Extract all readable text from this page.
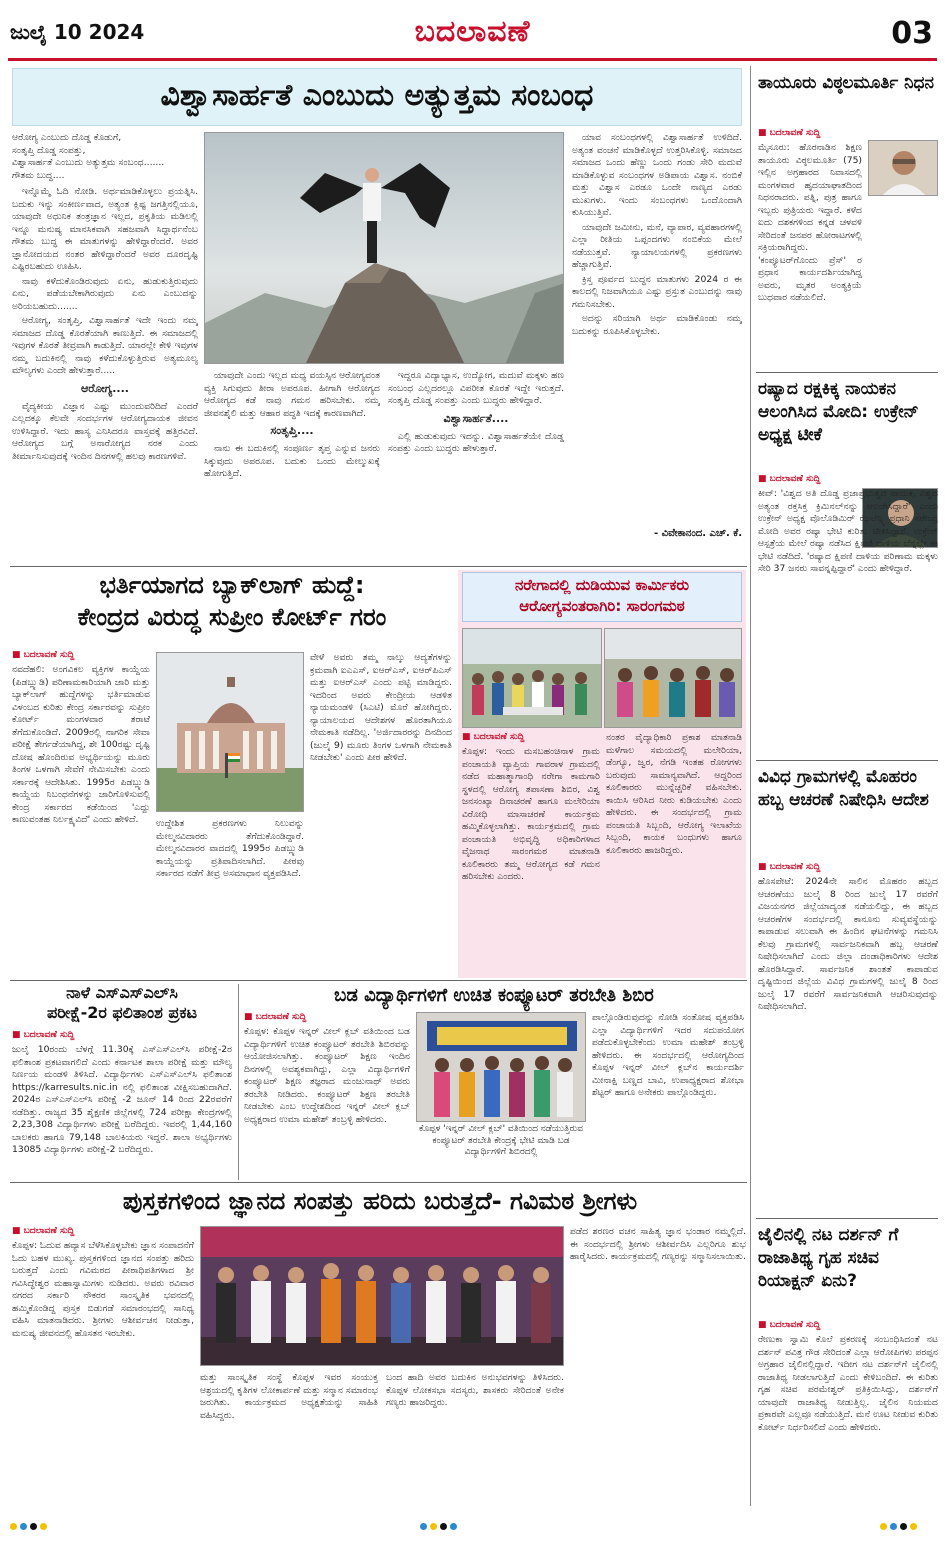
ಜುಲೈ 10 2024	ಬದಲಾವಣೆ	03
ವಿಶ್ವಾಸಾರ್ಹತೆ ಎಂಬುದು ಅತ್ಯುತ್ತಮ ಸಂಬಂಧ
ಆರೋಗ್ಯ ಎಂಬುದು ದೊಡ್ಡ ಕೊಡುಗೆ,
ಸಂತೃಪ್ತಿ ದೊಡ್ಡ ಸಂಪತ್ತು,
ವಿಶ್ವಾಸಾರ್ಹತೆ ಎಂಬುದು ಅತ್ಯುತ್ತಮ ಸಂಬಂಧ.......
ಗೌತಮ ಬುದ್ಧ....

ಇನ್ನೊಮ್ಮೆ ಓದಿ ನೋಡಿ. ಅರ್ಥಮಾಡಿಕೊಳ್ಳಲು ಪ್ರಯತ್ನಿಸಿ. ಬದುಕು ಇನ್ನು ಸಂಕೀರ್ಣವಾದ, ಅತ್ಯಂತ ಕ್ಲಿಷ್ಟ ಜಗತ್ತಿನಲ್ಲಿಯೂ, ಯಾವುದೇ ಅಧುನಿಕ ತಂತ್ರಜ್ಞಾನ ಇಲ್ಲದ, ಪ್ರಕೃತಿಯ ಮಡಿಲಲ್ಲಿ ಇನ್ನೂ ಮನುಷ್ಯ ಮಾನಸಿಕವಾಗಿ ಸಹಜವಾಗಿ ಸಿದ್ದಾರ್ಥನೆಂಬ ಗೌತಮ ಬುದ್ಧ ಈ ಮಾತುಗಳನ್ನು ಹೇಳಿದ್ದಾರೆಂದರೆ. ಅವರ ಜ್ಞಾನೋದಯದ ನಂತರ ಹೇಳಿದ್ದಾರೆಂದರೆ ಅವರ ದೂರದೃಷ್ಟಿ ಎಷ್ಟಿರಬಹುದು ಊಹಿಸಿ.

ನಾವು ಕಳೆದುಕೊಂಡಿರುವುದು ಏನು, ಹುಡುಕುತ್ತಿರುವುದು ಏನು, ಪಡೆಯಬೇಕಾಗಿರುವುದು ಏನು ಎಂಬುದನ್ನು ಅರಿಯಬಹುದು.......

ಆರೋಗ್ಯ, ಸಂತೃಪ್ತಿ, ವಿಶ್ವಾಸಾರ್ಹತೆ ಇದೇ ಇಂದು ನಮ್ಮ ಸಮಾಜದ ದೊಡ್ಡ ಕೊರತೆಯಾಗಿ ಕಾಣುತ್ತಿದೆ. ಈ ಸಮಾಜದಲ್ಲಿ ಇವುಗಳ ಕೊರತೆ ತೀವ್ರವಾಗಿ ಕಾಡುತ್ತಿದೆ. ಯಾರಲ್ಲೇ ಕೇಳಿ ಇವುಗಳ ನಮ್ಮ ಬದುಕಿನಲ್ಲಿ ನಾವು ಕಳೆದುಕೊಳ್ಳುತ್ತಿರುವ ಅತ್ಯಮೂಲ್ಯ ಮೌಲ್ಯಗಳು ಎಂದೇ ಹೇಳುತ್ತಾರೆ.....

ಆರೋಗ್ಯ....

ವೈದ್ಯಕೀಯ ವಿಜ್ಞಾನ ಎಷ್ಟು ಮುಂದುವರಿದಿದೆ ಎಂದರೆ ಎಲ್ಲದಕ್ಕೂ ಕೆಲವೇ ಸಂದರ್ಭಗಳ ಆರೋಗ್ಯದಾಯಕ ಜೀವನ ಉಳಿಸಿದ್ದಾರೆ. ಇದು ಹಾಸ್ಯ ಎನಿಸಿದರೂ ವಾಸ್ತವಕ್ಕೆ ಹತ್ತಿರವಿದೆ. ಆರೋಗ್ಯದ ಬಗ್ಗೆ ಅನಾರೋಗ್ಯದ ನರಕ ಎಂದು ತೀರ್ಮಾನಿಸುವುದಕ್ಕೆ ಇಂದಿನ ದಿನಗಳಲ್ಲಿ ಹಲವು ಕಾರಣಗಳಿವೆ.

ಯಾವುದೇ ಎಂದು ಇಲ್ಲದ ಮಧ್ಯ ವಯಸ್ಸಿನ ಆರೋಗ್ಯವಂತ ವ್ಯಕ್ತಿ ಸಿಗುವುದು ತೀರಾ ಅಪರೂಪ. ಹೀಗಾಗಿ ಆರೋಗ್ಯದ ಆರೋಗ್ಯದ ಕಡೆ ನಾವು ಗಮನ ಹರಿಸಬೇಕು. ನಮ್ಮ ಜೀವನಶೈಲಿ ಮತ್ತು ಆಹಾರ ಪದ್ಧತಿ ಇದಕ್ಕೆ ಕಾರಣವಾಗಿದೆ.

ಸಂತೃಪ್ತಿ....

ನಾನು ಈ ಬದುಕಿನಲ್ಲಿ ಸಂಪೂರ್ಣ ತೃಪ್ತ ಎನ್ನುವ ಜನರು ಸಿಕ್ಕುವುದು ಅಪರೂಪ. ಬದುಕು ಒಂದು ಮೇಲ್ಮುಖಕ್ಕೆ ಹೋಗುತ್ತಿದೆ.

ಇದ್ದರೂ ವಿದ್ಯಾಭ್ಯಾಸ, ಉದ್ಯೋಗ, ಮದುವೆ ಮಕ್ಕಳು ಹಣ ಸಂಬಂಧ ಎಲ್ಲದರಲ್ಲೂ ವಿಪರೀತ ಕೊರತೆ ಇದ್ದೇ ಇರುತ್ತದೆ. ಸಂತೃಪ್ತಿ ದೊಡ್ಡ ಸಂಪತ್ತು ಎಂದು ಬುದ್ಧರು ಹೇಳಿದ್ದಾರೆ.

ವಿಶ್ವಾಸಾರ್ಹತೆ....

ಎಲ್ಲಿ ಹುಡುಕುವುದು ಇದನ್ನು. ವಿಶ್ವಾಸಾರ್ಹತೆಯೇ ದೊಡ್ಡ ಸಂಪತ್ತು ಎಂದು ಬುದ್ಧರು ಹೇಳುತ್ತಾರೆ.

ಯಾವ ಸಂಬಂಧಗಳಲ್ಲಿ ವಿಶ್ವಾಸಾರ್ಹತೆ ಉಳಿದಿದೆ. ಅತ್ಯಂತ ವಂಚನೆ ಮಾಡಿಕೊಳ್ಳದೆ ಉತ್ತರಿಸಿಕೊಳ್ಳಿ. ಸಮಾಜದ ಸಮಾಜದ ಒಂದು ಹೆಣ್ಣು ಒಂದು ಗಂಡು ಸೇರಿ ಮದುವೆ ಮಾಡಿಕೊಳ್ಳುವ ಸಂಬಂಧಗಳ ಅಡಿಪಾಯ ವಿಶ್ವಾಸ. ನಂಬಿಕೆ ಮತ್ತು ವಿಶ್ವಾಸ ಎರಡೂ ಒಂದೇ ನಾಣ್ಯದ ಎರಡು ಮುಖಗಳು. ಇಂದು ಸಂಬಂಧಗಳು ಒಂದೊಂದಾಗಿ ಕುಸಿಯುತ್ತಿವೆ.

ಯಾವುದೇ ಜಮೀನು, ಮನೆ, ವ್ಯಾಪಾರ, ವ್ಯವಹಾರಗಳಲ್ಲಿ ಎಲ್ಲಾ ರೀತಿಯ ಒಪ್ಪಂದಗಳು ನಂಬಿಕೆಯ ಮೇಲೆ ನಡೆಯುತ್ತವೆ. ನ್ಯಾಯಾಲಯಗಳಲ್ಲಿ ಪ್ರಕರಣಗಳು ಹೆಚ್ಚಾಗುತ್ತಿವೆ.

ಕ್ರಿಸ್ತ ಪೂರ್ವದ ಬುದ್ಧನ ಮಾತುಗಳು 2024 ರ ಈ ಕಾಲದಲ್ಲಿ ನಿಜವಾಗಿಯೂ ಎಷ್ಟು ಪ್ರಸ್ತುತ ಎಂಬುದನ್ನು ನಾವು ಗಮನಿಸಬೇಕು.

ಅದನ್ನು ಸರಿಯಾಗಿ ಅರ್ಥ ಮಾಡಿಕೊಂಡು ನಮ್ಮ ಬದುಕನ್ನು ರೂಪಿಸಿಕೊಳ್ಳಬೇಕು.

- ವಿವೇಕಾನಂದ. ಎಚ್. ಕೆ.
ತಾಯೂರು ವಿಠ್ಠಲಮೂರ್ತಿ ನಿಧನ
■ ಬದಲಾವಣೆ ಸುದ್ದಿ
ಮೈಸೂರು: ಹೊರನಾಡಿನ ಶಿಕ್ಷಣ ತಾಯೂರು ವಿಠ್ಠಲಮೂರ್ತಿ (75) ಇಲ್ಲಿನ ಅಗ್ರಹಾರದ ನಿವಾಸದಲ್ಲಿ ಮಂಗಳವಾರ ಹೃದಯಾಘಾತದಿಂದ ನಿಧನರಾದರು. ಪತ್ನಿ, ಪುತ್ರ ಹಾಗೂ ಇಬ್ಬರು ಪುತ್ರಿಯರು ಇದ್ದಾರೆ. ಕಳೆದ ಐದು ದಶಕಗಳಿಂದ ಕನ್ನಡ ಚಳವಳಿ ಸೇರಿದಂತೆ ಜನಪರ ಹೋರಾಟಗಳಲ್ಲಿ ಸಕ್ರಿಯರಾಗಿದ್ದರು. 'ಕಂಪ್ಯೂಟರ್‌ಗೊಂದು ಪ್ರೆಸ್‌' ರ ಪ್ರಧಾನ ಕಾರ್ಯದರ್ಶಿಯಾಗಿದ್ದ ಅವರು, ಮೃತರ ಅಂತ್ಯಕ್ರಿಯೆ ಬುಧವಾರ ನಡೆಯಲಿದೆ.
ರಷ್ಯಾದ ರಕ್ಷಕಿಕ್ಕ ನಾಯಕನ ಆಲಂಗಿಸಿದ ಮೋದಿ: ಉಕ್ರೇನ್ ಅಧ್ಯಕ್ಷ ಟೀಕೆ
■ ಬದಲಾವಣೆ ಸುದ್ದಿ
ಕೀವ್: 'ವಿಶ್ವದ ಅತಿ ದೊಡ್ಡ ಪ್ರಜಾಪ್ರಭುತ್ವದ ನಾಯಕ, ವಿಶ್ವದ ಅತ್ಯಂತ ರಕ್ತಸಿಕ್ತ ಕ್ರಿಮಿನಲ್‌ನನ್ನು ಆಲಂಗಿಸಿದ್ದಾರೆ' ಎಂದು ಉಕ್ರೇನ್ ಅಧ್ಯಕ್ಷ ವೊಲೊಡಿಮಿರ್ ಝೆಲೆನ್ಸ್ಕಿ ಪ್ರಧಾನಿ ನರೇಂದ್ರ ಮೋದಿ ಅವರ ರಷ್ಯಾ ಭೇಟಿ ಕುರಿತು ಟೀಕಿಸಿದ್ದಾರೆ. ಉಕ್ರೇನ್ ಆಸ್ಪತ್ರೆಯ ಮೇಲೆ ರಷ್ಯಾ ನಡೆಸಿದ ಕ್ಷಿಪಣಿ ದಾಳಿಯ ಬೆನ್ನಲ್ಲೇ ಈ ಭೇಟಿ ನಡೆದಿದೆ. 'ರಷ್ಯಾದ ಕ್ಷಿಪಣಿ ದಾಳಿಯ ಪರಿಣಾಮ ಮಕ್ಕಳು ಸೇರಿ 37 ಜನರು ಸಾವನ್ನಪ್ಪಿದ್ದಾರೆ' ಎಂದು ಹೇಳಿದ್ದಾರೆ.
ವಿವಿಧ ಗ್ರಾಮಗಳಲ್ಲಿ ಮೊಹರಂ ಹಬ್ಬ ಆಚರಣೆ ನಿಷೇಧಿಸಿ ಆದೇಶ
■ ಬದಲಾವಣೆ ಸುದ್ದಿ
ಹೊಸಪೇಟೆ: 2024ನೇ ಸಾಲಿನ ಮೊಹರಂ ಹಬ್ಬದ ಆಚರಣೆಯು ಜುಲೈ 8 ರಿಂದ ಜುಲೈ 17 ರವರೆಗೆ ವಿಜಯನಗರ ಜಿಲ್ಲೆಯಾದ್ಯಂತ ನಡೆಯಲಿದ್ದು, ಈ ಹಬ್ಬದ ಆಚರಣೆಗಳ ಸಂದರ್ಭದಲ್ಲಿ ಕಾನೂನು ಸುವ್ಯವಸ್ಥೆಯನ್ನು ಕಾಪಾಡುವ ಸಲುವಾಗಿ ಈ ಹಿಂದಿನ ಘಟನೆಗಳನ್ನು ಗಮನಿಸಿ ಕೆಲವು ಗ್ರಾಮಗಳಲ್ಲಿ ಸಾರ್ವಜನಿಕವಾಗಿ ಹಬ್ಬ ಆಚರಣೆ ನಿಷೇಧಿಸಲಾಗಿದೆ ಎಂದು ಜಿಲ್ಲಾ ದಂಡಾಧಿಕಾರಿಗಳು ಆದೇಶ ಹೊರಡಿಸಿದ್ದಾರೆ. ಸಾರ್ವಜನಿಕ ಶಾಂತತೆ ಕಾಪಾಡುವ ದೃಷ್ಟಿಯಿಂದ ಜಿಲ್ಲೆಯ ವಿವಿಧ ಗ್ರಾಮಗಳಲ್ಲಿ ಜುಲೈ 8 ರಿಂದ ಜುಲೈ 17 ರವರೆಗೆ ಸಾರ್ವಜನಿಕವಾಗಿ ಆಚರಿಸುವುದನ್ನು ನಿಷೇಧಿಸಲಾಗಿದೆ.
ಜೈಲಿನಲ್ಲಿ ನಟ ದರ್ಶನ್ ಗೆ ರಾಜಾತಿಥ್ಯ ಗೃಹ ಸಚಿವ ರಿಯಾಕ್ಷನ್ ಏನು?
■ ಬದಲಾವಣೆ ಸುದ್ದಿ
ರೇಣುಕಾ ಸ್ವಾಮಿ ಕೊಲೆ ಪ್ರಕರಣಕ್ಕೆ ಸಂಬಂಧಿಸಿದಂತೆ ನಟ ದರ್ಶನ್ ಪವಿತ್ರ ಗೌಡ ಸೇರಿದಂತೆ ಎಲ್ಲಾ ಆರೋಪಿಗಳು ಪರಪ್ಪನ ಅಗ್ರಹಾರ ಜೈಲಿನಲ್ಲಿದ್ದಾರೆ. ಇದೀಗ ನಟ ದರ್ಶನ್‌ಗೆ ಜೈಲಿನಲ್ಲಿ ರಾಜಾತಿಥ್ಯ ನೀಡಲಾಗುತ್ತಿದೆ ಎಂದು ಕೇಳಿಬಂದಿದೆ. ಈ ಕುರಿತು ಗೃಹ ಸಚಿವ ಪರಮೇಶ್ವರ್ ಪ್ರತಿಕ್ರಿಯಿಸಿದ್ದು, ದರ್ಶನ್‌ಗೆ ಯಾವುದೇ ರಾಜಾತಿಥ್ಯ ನೀಡುತ್ತಿಲ್ಲ. ಜೈಲಿನ ನಿಯಮದ ಪ್ರಕಾರವೇ ಎಲ್ಲವೂ ನಡೆಯುತ್ತಿದೆ. ಮನೆ ಊಟ ನೀಡುವ ಕುರಿತು ಕೋರ್ಟ್ ನಿರ್ಧರಿಸಲಿದೆ ಎಂದು ಹೇಳಿದರು.
ಭರ್ತಿಯಾಗದ ಬ್ಯಾಕ್‌ಲಾಗ್ ಹುದ್ದೆ:
ಕೇಂದ್ರದ ವಿರುದ್ಧ ಸುಪ್ರೀಂ ಕೋರ್ಟ್ ಗರಂ
■ ಬದಲಾವಣೆ ಸುದ್ದಿ
ನವದೆಹಲಿ: ಅಂಗವಿಕಲ ವ್ಯಕ್ತಿಗಳ ಕಾಯ್ದೆಯ (ಪಿಡಬ್ಲ್ಯುಡಿ) ಪರಿಣಾಮಕಾರಿಯಾಗಿ ಜಾರಿ ಮತ್ತು ಬ್ಯಾಕ್‌ಲಾಗ್ ಹುದ್ದೆಗಳನ್ನು ಭರ್ತಿಮಾಡುವ ವಿಳಂಬದ ಕುರಿತು ಕೇಂದ್ರ ಸರ್ಕಾರವನ್ನು ಸುಪ್ರೀಂ ಕೋರ್ಟ್ ಮಂಗಳವಾರ ತರಾಟೆ ತೆಗೆದುಕೊಂಡಿದೆ. 2009ರಲ್ಲಿ ನಾಗರಿಕ ಸೇವಾ ಪರೀಕ್ಷೆ ತೇರ್ಗಡೆಯಾಗಿದ್ದ, ಶೇ 100ರಷ್ಟು ದೃಷ್ಟಿ ದೋಷ ಹೊಂದಿರುವ ಅಭ್ಯರ್ಥಿಯನ್ನು ಮೂರು ತಿಂಗಳ ಒಳಗಾಗಿ ಸೇವೆಗೆ ನೇಮಿಸಬೇಕು ಎಂದು ಸರ್ಕಾರಕ್ಕೆ ಆದೇಶಿಸಿತು. 1995ರ ಪಿಡಬ್ಲ್ಯುಡಿ ಕಾಯ್ದೆಯ ನಿಬಂಧನೆಗಳನ್ನು ಜಾರಿಗೊಳಿಸುವಲ್ಲಿ ಕೇಂದ್ರ ಸರ್ಕಾರದ ಕಡೆಯಿಂದ 'ಎದ್ದು ಕಾಣುವಂತಹ ನಿರ್ಲಕ್ಷ್ಯವಿದೆ' ಎಂದು ಹೇಳಿದೆ.	ಉದ್ದೇಶಿತ ಪ್ರಕರಣಗಳು ನಿಲುವನ್ನು ಮೇಲ್ಮನವಿದಾರರು ತೆಗೆದುಕೊಂಡಿದ್ದಾರೆ. ಮೇಲ್ಮನವಿದಾರರ ವಾದದಲ್ಲಿ 1995ರ ಪಿಡಬ್ಲ್ಯುಡಿ ಕಾಯ್ದೆಯನ್ನು ಪ್ರತಿಪಾದಿಸಲಾಗಿದೆ. ಪೀಠವು ಸರ್ಕಾರದ ನಡೆಗೆ ತೀವ್ರ ಅಸಮಾಧಾನ ವ್ಯಕ್ತಪಡಿಸಿದೆ.
ವೇಳೆ ಅವರು ತಮ್ಮ ನಾಲ್ಕು ಆದ್ಯತೆಗಳನ್ನು ಕ್ರಮವಾಗಿ ಐಎಎಸ್, ಐಆರ್‌ಎಸ್, ಐಆರ್‌ಪಿಎಸ್ ಮತ್ತು ಐಆರ್‌ಎಸ್ ಎಂದು ಪಟ್ಟಿ ಮಾಡಿದ್ದರು. ಇದರಿಂದ ಅವರು ಕೇಂದ್ರೀಯ ಆಡಳಿತ ನ್ಯಾಯಮಂಡಳಿ (ಸಿಎಟಿ) ಮೊರೆ ಹೋಗಿದ್ದರು. ನ್ಯಾಯಾಲಯದ ಆದೇಶಗಳ ಹೊರತಾಗಿಯೂ ನೇಮಕಾತಿ ನಡೆದಿಲ್ಲ. 'ಅರ್ಜಿದಾರರನ್ನು ದಿನದಿಂದ (ಜುಲೈ 9) ಮೂರು ತಿಂಗಳ ಒಳಗಾಗಿ ನೇಮಕಾತಿ ನೀಡಬೇಕು' ಎಂದು ಪೀಠ ಹೇಳಿದೆ.
ನರೇಗಾದಲ್ಲಿ ದುಡಿಯುವ ಕಾರ್ಮಿಕರು
ಆರೋಗ್ಯವಂತರಾಗಿರಿ: ಸಾರಂಗಮಠ
■ ಬದಲಾವಣೆ ಸುದ್ದಿ
ಕೊಪ್ಪಳ: ಇಂದು ಮಸಬಹಂಚಿನಾಳ ಗ್ರಾಮ ಪಂಚಾಯತಿ ವ್ಯಾಪ್ತಿಯ ಗಾವರಾಳ ಗ್ರಾಮದಲ್ಲಿ ನಡೆದ ಮಹಾತ್ಮಾಗಾಂಧಿ ನರೇಗಾ ಕಾಮಗಾರಿ ಸ್ಥಳದಲ್ಲಿ ಆರೋಗ್ಯ ತಪಾಸಣಾ ಶಿಬಿರ, ವಿಶ್ವ ಜನಸಂಖ್ಯಾ ದಿನಾಚರಣೆ ಹಾಗೂ ಮಲೇರಿಯಾ ವಿರೋಧಿ ಮಾಸಾಚರಣೆ ಕಾರ್ಯಕ್ರಮ ಹಮ್ಮಿಕೊಳ್ಳಲಾಗಿತ್ತು. ಕಾರ್ಯಕ್ರಮದಲ್ಲಿ ಗ್ರಾಮ ಪಂಚಾಯತಿ ಅಭಿವೃದ್ಧಿ ಅಧಿಕಾರಿಗಳಾದ ವೈಜನಾಥ ಸಾರಂಗಮಠ ಮಾತನಾಡಿ ಕೂಲಿಕಾರರು ತಮ್ಮ ಆರೋಗ್ಯದ ಕಡೆ ಗಮನ ಹರಿಸಬೇಕು ಎಂದರು.
ನಂತರ ವೈದ್ಯಾಧಿಕಾರಿ ಪ್ರಕಾಶ ಮಾತನಾಡಿ ಮಳೆಗಾಲ ಸಮಯದಲ್ಲಿ ಮಲೇರಿಯಾ, ಡೆಂಗ್ಯೂ, ಜ್ವರ, ನೆಗಡಿ ಇಂತಹ ರೋಗಗಳು ಬರುವುದು ಸಾಮಾನ್ಯವಾಗಿದೆ. ಆದ್ದರಿಂದ ಕೂಲಿಕಾರರು ಮುನ್ನೆಚ್ಚರಿಕೆ ವಹಿಸಬೇಕು. ಕಾಯಿಸಿ ಆರಿಸಿದ ನೀರು ಕುಡಿಯಬೇಕು ಎಂದು ಹೇಳಿದರು. ಈ ಸಂದರ್ಭದಲ್ಲಿ ಗ್ರಾಮ ಪಂಚಾಯತಿ ಸಿಬ್ಬಂದಿ, ಆರೋಗ್ಯ ಇಲಾಖೆಯ ಸಿಬ್ಬಂದಿ, ಕಾಯಕ ಬಂಧುಗಳು ಹಾಗೂ ಕೂಲಿಕಾರರು ಹಾಜರಿದ್ದರು.
ನಾಳೆ ಎಸ್‌ಎಸ್‌ಎಲ್‌ಸಿ
ಪರೀಕ್ಷೆ-2ರ ಫಲಿತಾಂಶ ಪ್ರಕಟ
■ ಬದಲಾವಣೆ ಸುದ್ದಿ
ಜುಲೈ 10ರಂದು ಬೆಳಗ್ಗೆ 11.30ಕ್ಕೆ ಎಸ್‌ಎಸ್‌ಎಲ್‌ಸಿ ಪರೀಕ್ಷೆ-2ರ ಫಲಿತಾಂಶ ಪ್ರಕಟವಾಗಲಿದೆ ಎಂದು ಕರ್ನಾಟಕ ಶಾಲಾ ಪರೀಕ್ಷೆ ಮತ್ತು ಮೌಲ್ಯ ನಿರ್ಣಯ ಮಂಡಳಿ ತಿಳಿಸಿದೆ. ವಿದ್ಯಾರ್ಥಿಗಳು ಎಸ್‌ಎಸ್‌ಎಲ್‌ಸಿ ಫಲಿತಾಂಶ https://karresults.nic.in ನಲ್ಲಿ ಫಲಿತಾಂಶ ವೀಕ್ಷಿಸಬಹುದಾಗಿದೆ. 2024ರ ಎಸ್‌ಎಸ್‌ಎಲ್‌ಸಿ ಪರೀಕ್ಷೆ -2 ಜೂನ್ 14 ರಿಂದ 22ರವರೆಗೆ ನಡೆದಿತ್ತು. ರಾಜ್ಯದ 35 ಶೈಕ್ಷಣಿಕ ಜಿಲ್ಲೆಗಳಲ್ಲಿ 724 ಪರೀಕ್ಷಾ ಕೇಂದ್ರಗಳಲ್ಲಿ 2,23,308 ವಿದ್ಯಾರ್ಥಿಗಳು ಪರೀಕ್ಷೆ ಬರೆದಿದ್ದರು. ಇವರಲ್ಲಿ 1,44,160 ಬಾಲಕರು ಹಾಗೂ 79,148 ಬಾಲಕಿಯರು ಇದ್ದರೆ. ಶಾಲಾ ಅಭ್ಯರ್ಥಿಗಳು 13085 ವಿದ್ಯಾರ್ಥಿಗಳು ಪರೀಕ್ಷೆ-2 ಬರೆದಿದ್ದರು.
ಬಡ ವಿದ್ಯಾರ್ಥಿಗಳಿಗೆ ಉಚಿತ ಕಂಪ್ಯೂಟರ್ ತರಬೇತಿ ಶಿಬಿರ
■ ಬದಲಾವಣೆ ಸುದ್ದಿ
ಕೊಪ್ಪಳ: ಕೊಪ್ಪಳ ಇನ್ನರ್ ವೀಲ್ ಕ್ಲಬ್ ವತಿಯಿಂದ ಬಡ ವಿದ್ಯಾರ್ಥಿಗಳಿಗೆ ಉಚಿತ ಕಂಪ್ಯೂಟರ್ ತರಬೇತಿ ಶಿಬಿರವನ್ನು ಆಯೋಜಿಸಲಾಗಿತ್ತು. ಕಂಪ್ಯೂಟರ್ ಶಿಕ್ಷಣ ಇಂದಿನ ದಿನಗಳಲ್ಲಿ ಅವಶ್ಯಕವಾಗಿದ್ದು, ಎಲ್ಲಾ ವಿದ್ಯಾರ್ಥಿಗಳಿಗೆ ಕಂಪ್ಯೂಟರ್ ಶಿಕ್ಷಣ ತಜ್ಞರಾದ ಮಂಜುನಾಥ್ ಅವರು ತರಬೇತಿ ನೀಡಿದರು. ಕಂಪ್ಯೂಟರ್ ಶಿಕ್ಷಣ ತರಬೇತಿ ನೀಡಬೇಕು ಎಂಬ ಉದ್ದೇಶದಿಂದ ಇನ್ನರ್ ವೀಲ್ ಕ್ಲಬ್ ಅಧ್ಯಕ್ಷರಾದ ಉಮಾ ಮಹೇಶ್ ತಂಬ್ರಳ್ಳಿ ಹೇಳಿದರು.
ಕೊಪ್ಪಳ 'ಇನ್ನರ್ ವೀಲ್ ಕ್ಲಬ್' ವತಿಯಿಂದ ನಡೆಯುತ್ತಿರುವ ಕಂಪ್ಯೂಟರ್ ತರಬೇತಿ ಕೇಂದ್ರಕ್ಕೆ ಭೇಟಿ ಮಾಡಿ ಬಡ ವಿದ್ಯಾರ್ಥಿಗಳಿಗೆ ಶಿಬಿರದಲ್ಲಿ
ಪಾಲ್ಗೊಂಡಿರುವುದನ್ನು ನೋಡಿ ಸಂತೋಷ ವ್ಯಕ್ತಪಡಿಸಿ ಎಲ್ಲಾ ವಿದ್ಯಾರ್ಥಿಗಳಿಗೆ ಇದರ ಸದುಪಯೋಗ ಪಡೆದುಕೊಳ್ಳಬೇಕೆಂದು ಉಮಾ ಮಹೇಶ್ ತಂಬ್ರಳ್ಳಿ ಹೇಳಿದರು. ಈ ಸಂದರ್ಭದಲ್ಲಿ ಆರೋಗ್ಯದಿಂದ ಕೊಪ್ಪಳ ಇನ್ನರ್ ವೀಲ್ ಕ್ಲಬ್‌ನ ಕಾರ್ಯದರ್ಶಿ ಮೀನಾಕ್ಷಿ ಬಣ್ಣದ ಬಾವಿ, ಉಪಾಧ್ಯಕ್ಷರಾದ ಶೋಭಾ ಶೆಟ್ಟರ್ ಹಾಗೂ ಅನೇಕರು ಪಾಲ್ಗೊಂಡಿದ್ದರು.
ಪುಸ್ತಕಗಳಿಂದ ಜ್ಞಾನದ ಸಂಪತ್ತು ಹರಿದು ಬರುತ್ತದೆ- ಗವಿಮಠ ಶ್ರೀಗಳು
■ ಬದಲಾವಣೆ ಸುದ್ದಿ
ಕೊಪ್ಪಳ: ಓದುವ ಹವ್ಯಾಸ ಬೆಳೆಸಿಕೊಳ್ಳಬೇಕು ಜ್ಞಾನ ಸಂಪಾದನೆಗೆ ಓದು ಬಹಳ ಮುಖ್ಯ. ಪುಸ್ತಕಗಳಿಂದ ಜ್ಞಾನದ ಸಂಪತ್ತು ಹರಿದು ಬರುತ್ತದೆ ಎಂದು ಗವಿಮಠದ ಪೀಠಾಧಿಪತಿಗಳಾದ ಶ್ರೀ ಗವಿಸಿದ್ಧೇಶ್ವರ ಮಹಾಸ್ವಾಮಿಗಳು ನುಡಿದರು. ಅವರು ರವಿವಾರ ನಗರದ ಸರ್ಕಾರಿ ನೌಕರರ ಸಾಂಸ್ಕೃತಿಕ ಭವನದಲ್ಲಿ ಹಮ್ಮಿಕೊಂಡಿದ್ದ ಪುಸ್ತಕ ಬಿಡುಗಡೆ ಸಮಾರಂಭದಲ್ಲಿ ಸಾನಿಧ್ಯ ವಹಿಸಿ ಮಾತನಾಡಿದರು. ಶ್ರೀಗಳು ಆಶೀರ್ವಚನ ನೀಡುತ್ತಾ, ಮನುಷ್ಯ ಜೀವನದಲ್ಲಿ ಹೊಸತನ ಇರಬೇಕು.
ಮತ್ತು ಸಾಂಸ್ಕೃತಿಕ ಸಂಸ್ಥೆ ಕೊಪ್ಪಳ ಇವರ ಸಂಯುಕ್ತ ಆಶ್ರಯದಲ್ಲಿ ಕೃತಿಗಳ ಲೋಕಾರ್ಪಣೆ ಮತ್ತು ಸನ್ಮಾನ ಸಮಾರಂಭ ಜರುಗಿತು. ಕಾರ್ಯಕ್ರಮದ ಅಧ್ಯಕ್ಷತೆಯನ್ನು ಸಾಹಿತಿ ವಹಿಸಿದ್ದರು.
ಬಂದ ಹಾದಿ ಅವರ ಬದುಕಿನ ಅನುಭವಗಳನ್ನು ತಿಳಿಸಿದರು. ಕೊಪ್ಪಳ ಲೋಕಸಭಾ ಸದಸ್ಯರು, ಶಾಸಕರು ಸೇರಿದಂತೆ ಅನೇಕ ಗಣ್ಯರು ಹಾಜರಿದ್ದರು.
ಪಡೆದ ಶರಣರ ವಚನ ಸಾಹಿತ್ಯ ಜ್ಞಾನ ಭಂಡಾರ ನಮ್ಮಲ್ಲಿದೆ. ಈ ಸಂದರ್ಭದಲ್ಲಿ ಶ್ರೀಗಳು ಆಶೀರ್ವದಿಸಿ ಎಲ್ಲರಿಗೂ ಶುಭ ಹಾರೈಸಿದರು. ಕಾರ್ಯಕ್ರಮದಲ್ಲಿ ಗಣ್ಯರನ್ನು ಸನ್ಮಾನಿಸಲಾಯಿತು.
